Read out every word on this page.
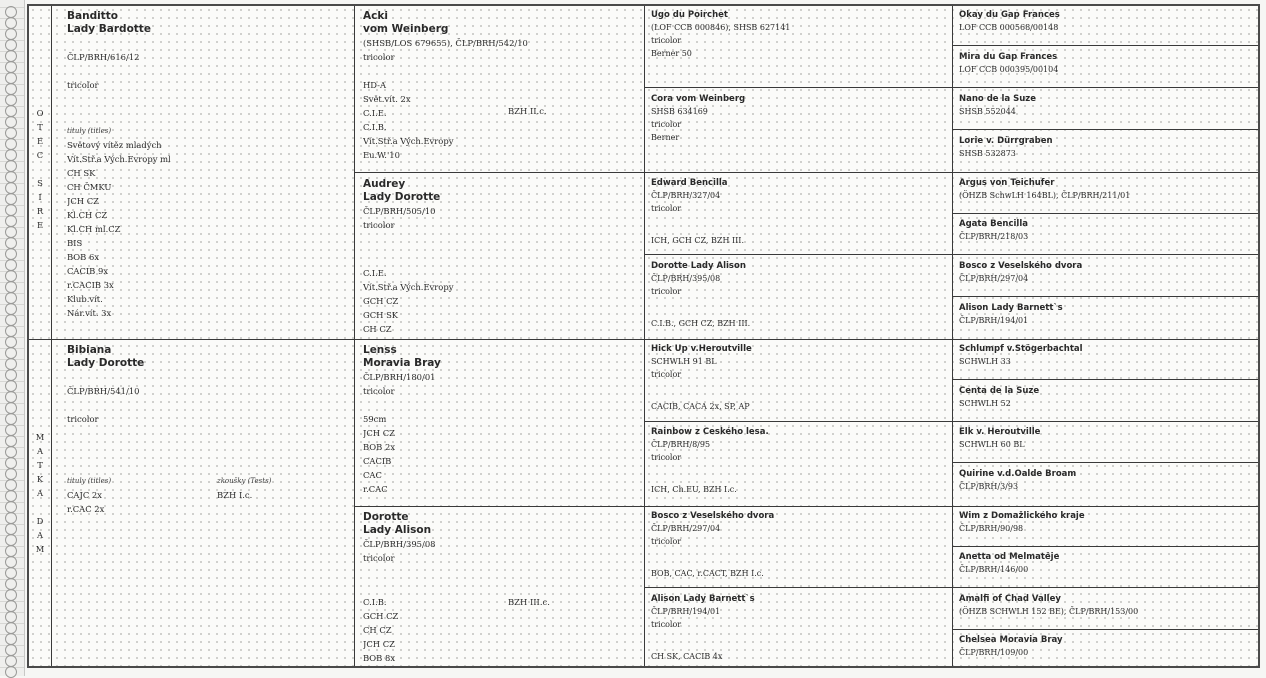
O
T
E
C

S
I
R
E
M
A
T
K
A

D
A
M
Banditto
Lady Bardotte
ČLP/BRH/616/12
tricolor
tituly (titles)
Světový vítěz mladých
Vít.Stř.a Vých.Evropy ml
CH SK
CH ČMKU
JCH CZ
Kl.CH CZ
Kl.CH ml.CZ
BIS
BOB 6x
CACIB 9x
r.CACIB 3x
Klub.vít.
Nár.vít. 3x
Bibiana
Lady Dorotte
ČLP/BRH/541/10
tricolor
tituly (titles)	zkoušky (Tests)
CAJC 2x
r.CAC 2x
BZH I.c.
Acki
vom Weinberg
(SHSB/LOS 679655), ČLP/BRH/542/10
tricolor
HD-A
Svět.vít. 2x
C.I.E.
C.I.B.
Vít.Stř.a Vých.Evropy
Eu.W.'10
BZH II.c.
Audrey
Lady Dorotte
ČLP/BRH/505/10
tricolor
C.I.E.
Vít.Stř.a Vých.Evropy
GCH CZ
GCH SK
CH CZ
Lenss
Moravia Bray
ČLP/BRH/180/01
tricolor
59cm
JCH CZ
BOB 2x
CACIB
CAC
r.CAC
Dorotte
Lady Alison
ČLP/BRH/395/08
tricolor
C.I.B.
GCH CZ
CH CZ
JCH CZ
BOB 8x
BZH III.c.
Ugo du Poirchet
(LOF CCB 000846), SHSB 627141
tricolor
Berner 50
Cora vom Weinberg
SHSB 634169
tricolor
Berner
Edward Bencilla
ČLP/BRH/327/04
tricolor
ICH, GCH CZ, BZH III.
Dorotte Lady Alison
ČLP/BRH/395/08
tricolor
C.I.B., GCH CZ, BZH III.
Hick Up v.Heroutville
SCHWLH 91 BL
tricolor
CACIB, CACA 2x, SP, AP
Rainbow z Českého lesa.
ČLP/BRH/8/95
tricolor
ICH, Ch.EU, BZH I.c.
Bosco z Veselského dvora
ČLP/BRH/297/04
tricolor
BOB, CAC, r.CACT, BZH I.c.
Alison Lady Barnett`s
ČLP/BRH/194/01
tricolor
CH SK, CACIB 4x
Okay du Gap Frances
LOF CCB 000568/00148
Mira du Gap Frances
LOF CCB 000395/00104
Nano de la Suze
SHSB 552044
Lorie v. Dürrgraben
SHSB 532873
Argus von Teichufer
(ÖHZB SchwLH 164BL), ČLP/BRH/211/01
Agata Bencilla
ČLP/BRH/218/03
Bosco z Veselského dvora
ČLP/BRH/297/04
Alison Lady Barnett`s
ČLP/BRH/194/01
Schlumpf v.Stögerbachtal
SCHWLH 33
Centa de la Suze
SCHWLH 52
Elk v. Heroutville
SCHWLH 60 BL
Quirine v.d.Oalde Broam
ČLP/BRH/3/93
Wim z Domažlického kraje
ČLP/BRH/90/98
Anetta od Melmatěje
ČLP/BRH/146/00
Amalfi of Chad Valley
(ÖHZB SCHWLH 152 BE), ČLP/BRH/153/00
Chelsea Moravia Bray
ČLP/BRH/109/00
